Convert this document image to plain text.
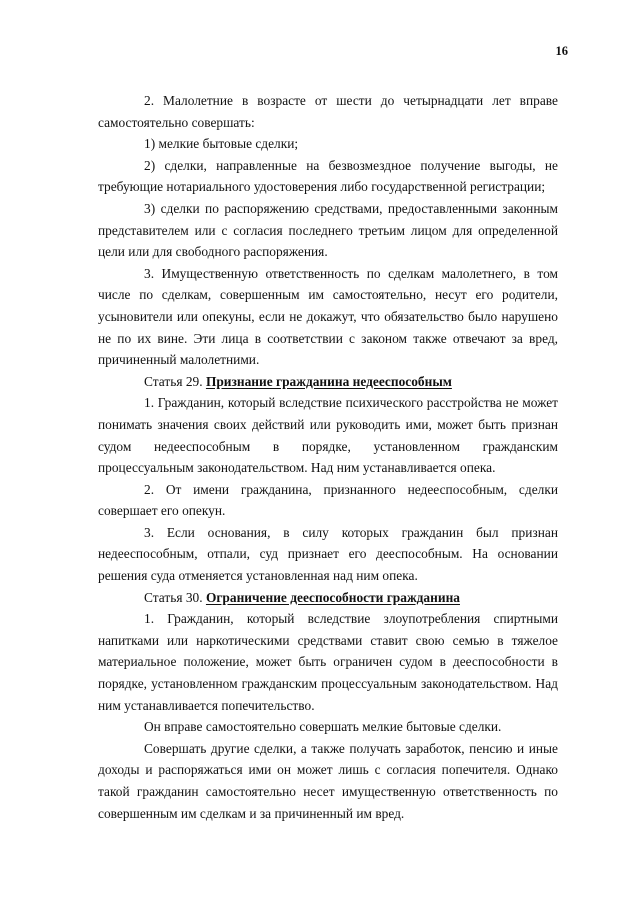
16

2. Малолетние в возрасте от шести до четырнадцати лет вправе самостоятельно совершать:

1) мелкие бытовые сделки;

2) сделки, направленные на безвозмездное получение выгоды, не требующие нотариального удостоверения либо государственной регистрации;

3) сделки по распоряжению средствами, предоставленными законным представителем или с согласия последнего третьим лицом для определенной цели или для свободного распоряжения.

3. Имущественную ответственность по сделкам малолетнего, в том числе по сделкам, совершенным им самостоятельно, несут его родители, усыновители или опекуны, если не докажут, что обязательство было нарушено не по их вине. Эти лица в соответствии с законом также отвечают за вред, причиненный малолетними.

Статья 29. Признание гражданина недееспособным

1. Гражданин, который вследствие психического расстройства не может понимать значения своих действий или руководить ими, может быть признан судом недееспособным в порядке, установленном гражданским процессуальным законодательством. Над ним устанавливается опека.

2. От имени гражданина, признанного недееспособным, сделки совершает его опекун.

3. Если основания, в силу которых гражданин был признан недееспособным, отпали, суд признает его дееспособным. На основании решения суда отменяется установленная над ним опека.

Статья 30. Ограничение дееспособности гражданина

1. Гражданин, который вследствие злоупотребления спиртными напитками или наркотическими средствами ставит свою семью в тяжелое материальное положение, может быть ограничен судом в дееспособности в порядке, установленном гражданским процессуальным законодательством. Над ним устанавливается попечительство.

Он вправе самостоятельно совершать мелкие бытовые сделки.

Совершать другие сделки, а также получать заработок, пенсию и иные доходы и распоряжаться ими он может лишь с согласия попечителя. Однако такой гражданин самостоятельно несет имущественную ответственность по совершенным им сделкам и за причиненный им вред.
